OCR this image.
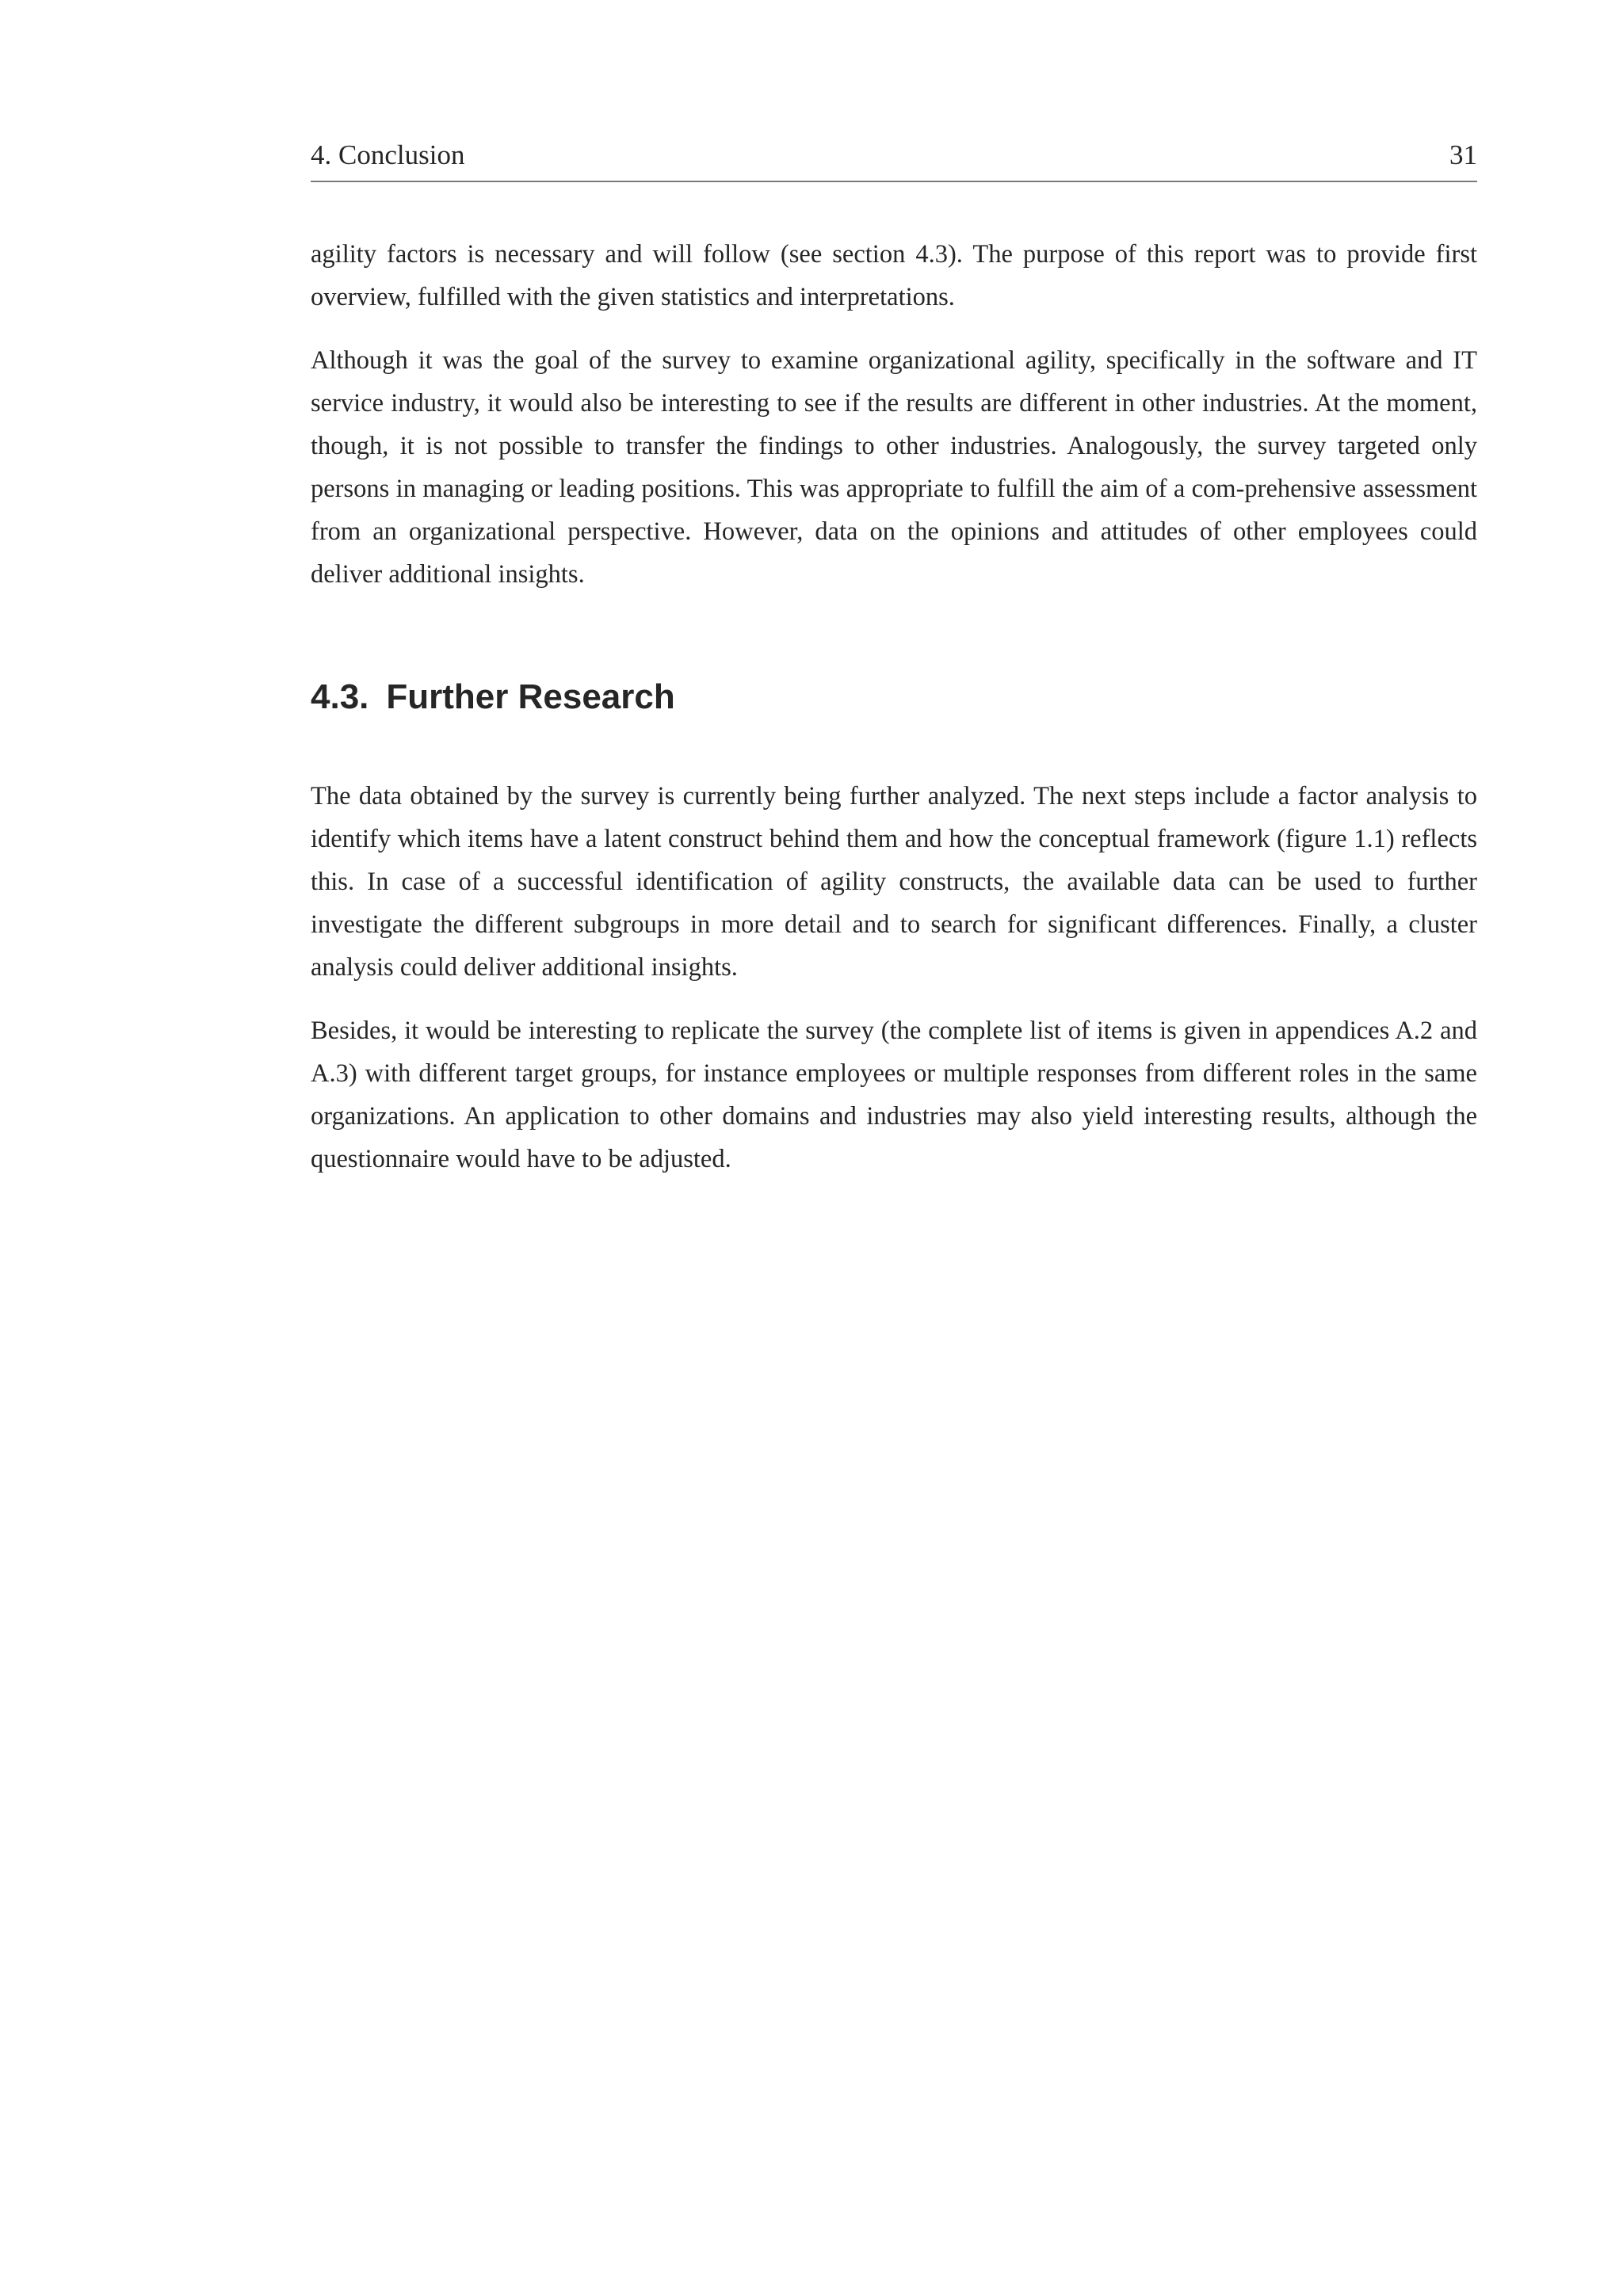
4. Conclusion	31

agility factors is necessary and will follow (see section 4.3). The purpose of this report was to provide first overview, fulfilled with the given statistics and interpretations.

Although it was the goal of the survey to examine organizational agility, specifically in the software and IT service industry, it would also be interesting to see if the results are different in other industries. At the moment, though, it is not possible to transfer the findings to other industries. Analogously, the survey targeted only persons in managing or leading positions. This was appropriate to fulfill the aim of a com-prehensive assessment from an organizational perspective. However, data on the opinions and attitudes of other employees could deliver additional insights.

4.3. Further Research

The data obtained by the survey is currently being further analyzed. The next steps include a factor analysis to identify which items have a latent construct behind them and how the conceptual framework (figure 1.1) reflects this. In case of a successful identification of agility constructs, the available data can be used to further investigate the different subgroups in more detail and to search for significant differences. Finally, a cluster analysis could deliver additional insights.

Besides, it would be interesting to replicate the survey (the complete list of items is given in appendices A.2 and A.3) with different target groups, for instance employees or multiple responses from different roles in the same organizations. An application to other domains and industries may also yield interesting results, although the questionnaire would have to be adjusted.
